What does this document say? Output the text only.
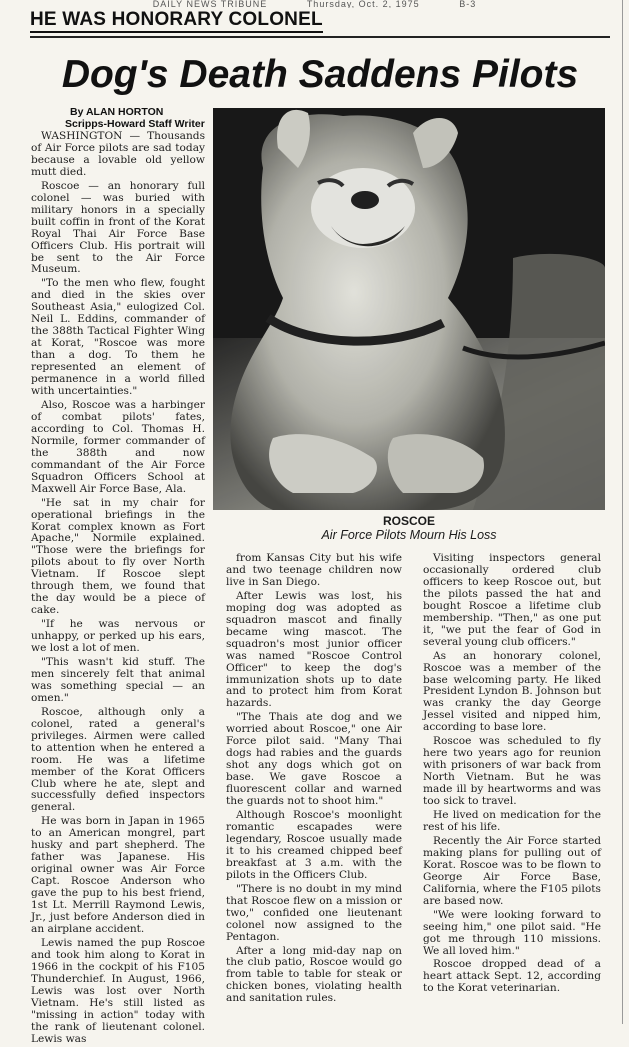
DAILY NEWS TRIBUNE	Thursday, Oct. 2, 1975	B-3
HE WAS HONORARY COLONEL
Dog's Death Saddens Pilots
By ALAN HORTON
Scripps-Howard Staff Writer

WASHINGTON — Thousands of Air Force pilots are sad today because a lovable old yellow mutt died.

Roscoe — an honorary full colonel — was buried with military honors in a specially built coffin in front of the Korat Royal Thai Air Force Base Officers Club. His portrait will be sent to the Air Force Museum.

"To the men who flew, fought and died in the skies over Southeast Asia," eulogized Col. Neil L. Eddins, commander of the 388th Tactical Fighter Wing at Korat, "Roscoe was more than a dog. To them he represented an element of permanence in a world filled with uncertainties."

Also, Roscoe was a harbinger of combat pilots' fates, according to Col. Thomas H. Normile, former commander of the 388th and now commandant of the Air Force Squadron Officers School at Maxwell Air Force Base, Ala.

"He sat in my chair for operational briefings in the Korat complex known as Fort Apache," Normile explained. "Those were the briefings for pilots about to fly over North Vietnam. If Roscoe slept through them, we found that the day would be a piece of cake.

"If he was nervous or unhappy, or perked up his ears, we lost a lot of men.

"This wasn't kid stuff. The men sincerely felt that animal was something special — an omen."

Roscoe, although only a colonel, rated a general's privileges. Airmen were called to attention when he entered a room. He was a lifetime member of the Korat Officers Club where he ate, slept and successfully defied inspectors general.

He was born in Japan in 1965 to an American mongrel, part husky and part shepherd. The father was Japanese. His original owner was Air Force Capt. Roscoe Anderson who gave the pup to his best friend, 1st Lt. Merrill Raymond Lewis, Jr., just before Anderson died in an airplane accident.

Lewis named the pup Roscoe and took him along to Korat in 1966 in the cockpit of his F105 Thunderchief. In August, 1966, Lewis was lost over North Vietnam. He's still listed as "missing in action" today with the rank of lieutenant colonel. Lewis was

ROSCOE
Air Force Pilots Mourn His Loss

from Kansas City but his wife and two teenage children now live in San Diego.

After Lewis was lost, his moping dog was adopted as squadron mascot and finally became wing mascot. The squadron's most junior officer was named "Roscoe Control Officer" to keep the dog's immunization shots up to date and to protect him from Korat hazards.

"The Thais ate dog and we worried about Roscoe," one Air Force pilot said. "Many Thai dogs had rabies and the guards shot any dogs which got on base. We gave Roscoe a fluorescent collar and warned the guards not to shoot him."

Although Roscoe's moonlight romantic escapades were legendary, Roscoe usually made it to his creamed chipped beef breakfast at 3 a.m. with the pilots in the Officers Club.

"There is no doubt in my mind that Roscoe flew on a mission or two," confided one lieutenant colonel now assigned to the Pentagon.

After a long mid-day nap on the club patio, Roscoe would go from table to table for steak or chicken bones, violating health and sanitation rules.

Visiting inspectors general occasionally ordered club officers to keep Roscoe out, but the pilots passed the hat and bought Roscoe a lifetime club membership. "Then," as one put it, "we put the fear of God in several young club officers."

As an honorary colonel, Roscoe was a member of the base welcoming party. He liked President Lyndon B. Johnson but was cranky the day George Jessel visited and nipped him, according to base lore.

Roscoe was scheduled to fly here two years ago for reunion with prisoners of war back from North Vietnam. But he was made ill by heartworms and was too sick to travel.

He lived on medication for the rest of his life.

Recently the Air Force started making plans for pulling out of Korat. Roscoe was to be flown to George Air Force Base, California, where the F105 pilots are based now.

"We were looking forward to seeing him," one pilot said. "He got me through 110 missions. We all loved him."

Roscoe dropped dead of a heart attack Sept. 12, according to the Korat veterinarian.
